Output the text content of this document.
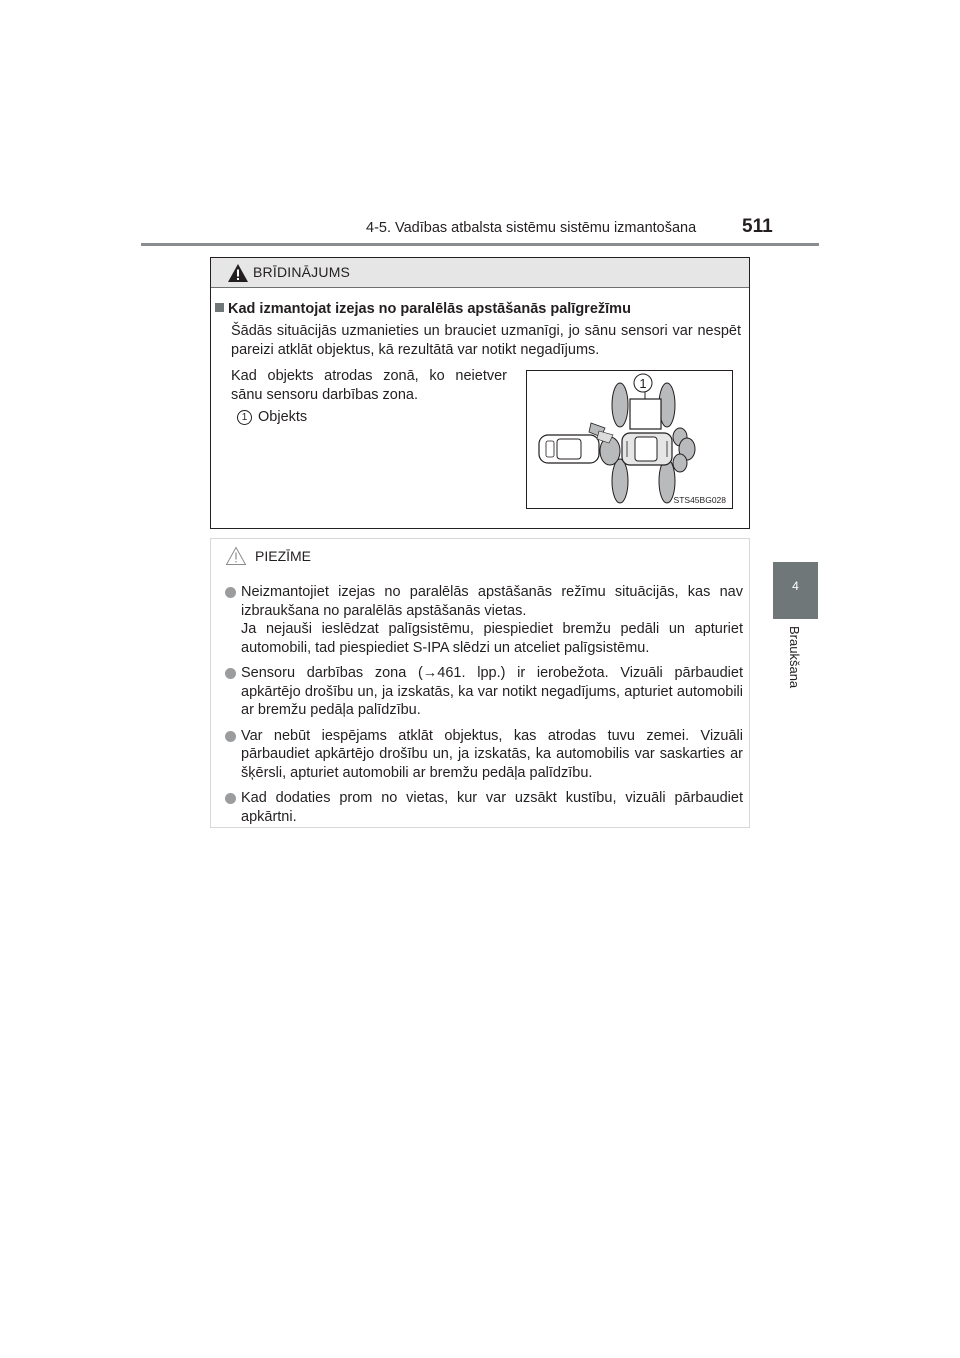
4-5. Vadības atbalsta sistēmu sistēmu izmantošana 511
4
Braukšana
BRĪDINĀJUMS
Kad izmantojat izejas no paralēlās apstāšanās palīgrežīmu
Šādās situācijās uzmanieties un brauciet uzmanīgi, jo sānu sensori var nespēt pareizi atklāt objektus, kā rezultātā var notikt negadījums.
Kad objekts atrodas zonā, ko neietver sānu sensoru darbības zona.
1 Objekts
1
STS45BG028
PIEZĪME
Neizmantojiet izejas no paralēlās apstāšanās režīmu situācijās, kas nav izbraukšana no paralēlās apstāšanās vietas.
Ja nejauši ieslēdzat palīgsistēmu, piespiediet bremžu pedāli un apturiet automobili, tad piespiediet S-IPA slēdzi un atceliet palīgsistēmu.
Sensoru darbības zona (→461. lpp.) ir ierobežota. Vizuāli pārbaudiet apkārtējo drošību un, ja izskatās, ka var notikt negadījums, apturiet automobili ar bremžu pedāļa palīdzību.
Var nebūt iespējams atklāt objektus, kas atrodas tuvu zemei. Vizuāli pārbaudiet apkārtējo drošību un, ja izskatās, ka automobilis var saskarties ar šķērsli, apturiet automobili ar bremžu pedāļa palīdzību.
Kad dodaties prom no vietas, kur var uzsākt kustību, vizuāli pārbaudiet apkārtni.
